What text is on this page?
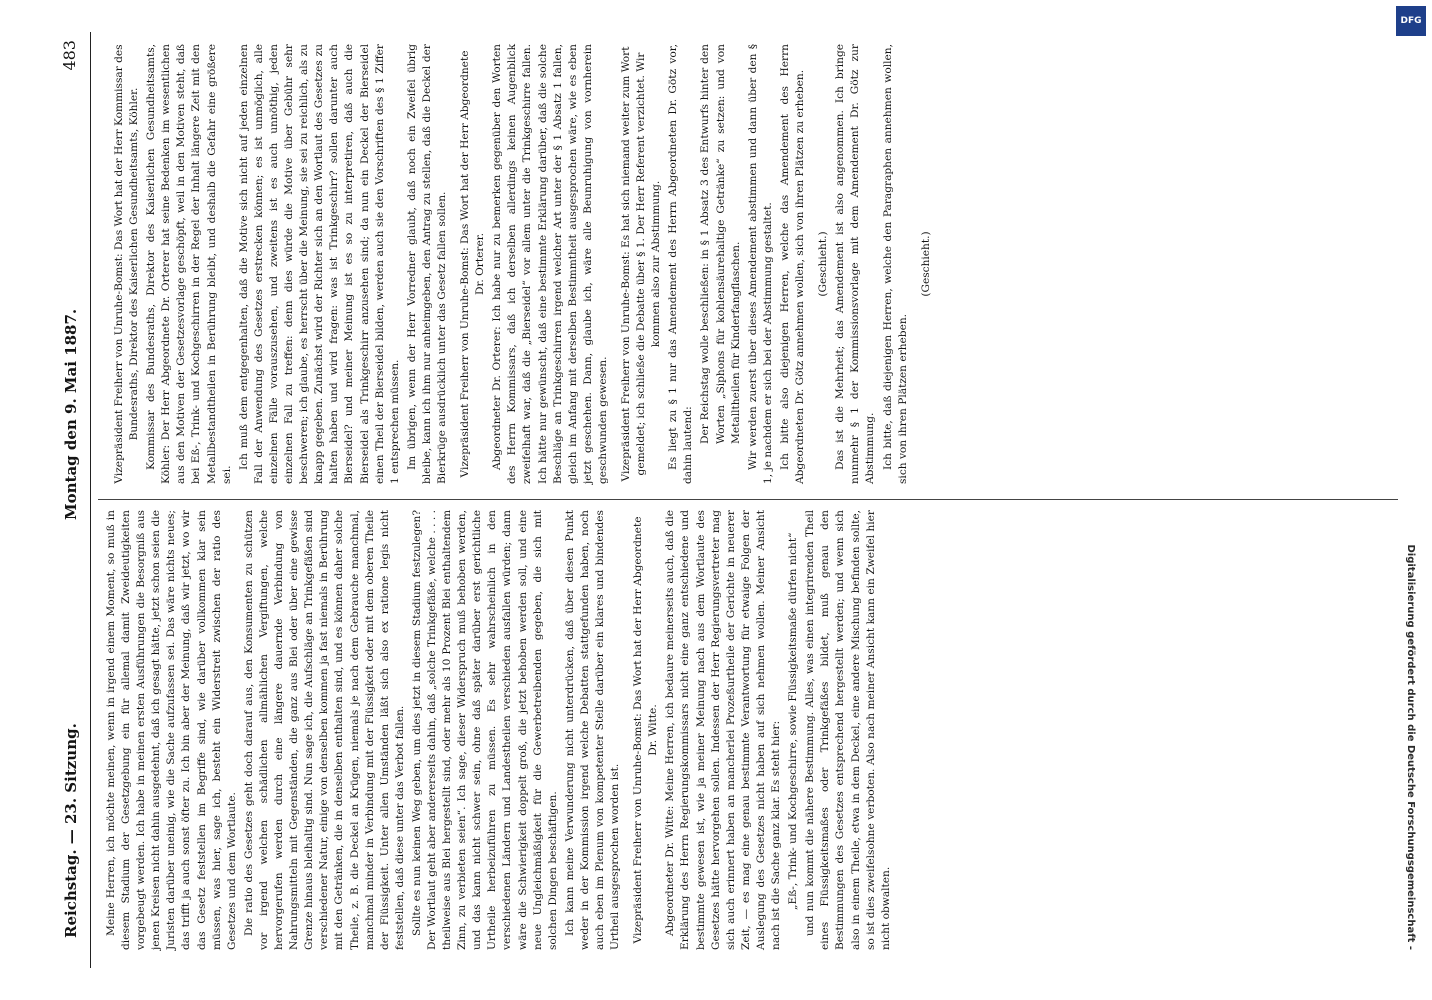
Reichstag. — 23. Sitzung.
Montag den 9. Mai 1887.
483

Meine Herren, ich möchte meinen, wenn in irgend einem Moment, so muß in diesem Stadium der Gesetzgebung ein für allemal damit Zweideutigkeiten vorgebeugt werden. Ich habe in meinen ersten Ausführungen die Besorgniß aus jenen Kreisen nicht dahin ausgedehnt, daß ich gesagt hätte, jetzt schon seien die Juristen darüber uneinig, wie die Sache aufzufassen sei. Das wäre nichts neues; das trifft ja auch sonst öfter zu. Ich bin aber der Meinung, daß wir jetzt, wo wir das Gesetz feststellen im Begriffe sind, wie darüber vollkommen klar sein müssen, was hier, sage ich, besteht ein Widerstreit zwischen der ratio des Gesetzes und dem Wortlaute. Die ratio des Gesetzes geht doch darauf aus, den Konsumenten zu schützen vor irgend welchen schädlichen allmählichen Vergiftungen, welche hervorgerufen werden durch eine längere dauernde Verbindung von Nahrungsmitteln mit Gegenständen, die ganz aus Blei oder über eine gewisse Grenze hinaus bleihaltig sind. Nun sage ich, die Aufschläge an Trinkgefäßen sind verschiedener Natur, einige von denselben kommen ja fast niemals in Berührung mit den Getränken, die in denselben enthalten sind, und es können daher solche Theile, z. B. die Deckel an Krügen, niemals je nach dem Gebrauche manchmal, manchmal minder in Verbindung mit der Flüssigkeit oder mit dem oberen Theile der Flüssigkeit. Unter allen Umständen läßt sich also ex ratione legis nicht feststellen, daß diese unter das Verbot fallen. Sollte es nun keinen Weg geben, um dies jetzt in diesem Stadium festzulegen? Der Wortlaut geht aber andererseits dahin, daß „solche Trinkgefäße, welche . . . . theilweise aus Blei hergestellt sind, oder mehr als 10 Prozent Blei enthaltendem Zinn, zu verbieten seien“. Ich sage, dieser Widerspruch muß behoben werden, und das kann nicht schwer sein, ohne daß später darüber erst gerichtliche Urtheile herbeizuführen zu müssen. Es sehr wahrscheinlich in den verschiedenen Ländern und Landestheilen verschieden ausfallen würden; dann wäre die Schwierigkeit doppelt groß, die jetzt behoben werden soll, und eine neue Ungleichmäßigkeit für die Gewerbetreibenden gegeben, die sich mit solchen Dingen beschäftigen. Ich kann meine Verwunderung nicht unterdrücken, daß über diesen Punkt weder in der Kommission irgend welche Debatten stattgefunden haben, noch auch eben im Plenum von kompetenter Stelle darüber ein klares und bindendes Urtheil ausgesprochen worden ist. Vizepräsident Freiherr von Unruhe-Bomst: Das Wort hat der Herr Abgeordnete Dr. Witte. Abgeordneter Dr. Witte: Meine Herren, ich bedaure meinerseits auch, daß die Erklärung des Herrn Regierungskommissars nicht eine ganz entschiedene und bestimmte gewesen ist, wie ja meiner Meinung nach aus dem Wortlaute des Gesetzes hätte hervorgehen sollen. Indessen der Herr Regierungsvertreter mag sich auch erinnert haben an mancherlei Prozeßurtheile der Gerichte in neuerer Zeit, — es mag eine genau bestimmte Verantwortung für etwaige Folgen der Auslegung des Gesetzes nicht haben auf sich nehmen wollen. Meiner Ansicht nach ist die Sache ganz klar. Es steht hier: „Eß-, Trink- und Kochgeschirre, sowie Flüssigkeitsmaße dürfen nicht“ und nun kommt die nähere Bestimmung. Alles, was einen integrirenden Theil eines Flüssigkeitsmaßes oder Trinkgefäßes bildet, muß genau den Bestimmungen des Gesetzes entsprechend hergestellt werden; und wenn sich also in einem Theile, etwa in dem Deckel, eine andere Mischung befinden sollte, so ist dies zweifelsohne verboten. Also nach meiner Ansicht kann ein Zweifel hier nicht obwalten.

Vizepräsident Freiherr von Unruhe-Bomst: Das Wort hat der Herr Kommissar des Bundesraths, Direktor des Kaiserlichen Gesundheitsamts, Köhler. Kommissar des Bundesraths, Direktor des Kaiserlichen Gesundheitsamts, Köhler: Der Herr Abgeordnete Dr. Orterer hat seine Bedenken im wesentlichen aus den Motiven der Gesetzesvorlage geschöpft, weil in den Motiven steht, daß bei Eß-, Trink- und Kochgeschirren in der Regel der Inhalt längere Zeit mit den Metallbestandtheilen in Berührung bleibt, und deshalb die Gefahr eine größere sei.

Ich muß dem entgegenhalten, daß die Motive sich nicht auf jeden einzelnen Fall der Anwendung des Gesetzes erstrecken können; es ist unmöglich, alle einzelnen Fälle vorauszusehen, und zweitens ist es auch unnöthig, jeden einzelnen Fall zu treffen: denn dies würde die Motive über Gebühr sehr beschweren; ich glaube, es herrscht über die Meinung, sie sei zu reichlich, als zu knapp gegeben. Zunächst wird der Richter sich an den Wortlaut des Gesetzes zu halten haben und wird fragen: was ist Trinkgeschirr? sollen darunter auch Bierseidel? und meiner Meinung ist es so zu interpretiren, daß auch die Bierseidel als Trinkgeschirr anzusehen sind; da nun ein Deckel der Bierseidel einen Theil der Bierseidel bilden, werden auch sie den Vorschriften des § 1 Ziffer 1 entsprechen müssen. Im übrigen, wenn der Herr Vorredner glaubt, daß noch ein Zweifel übrig bleibe, kann ich ihm nur anheimgeben, den Antrag zu stellen, daß die Deckel der Bierkrüge ausdrücklich unter das Gesetz fallen sollen. Vizepräsident Freiherr von Unruhe-Bomst: Das Wort hat der Herr Abgeordnete Dr. Orterer. Abgeordneter Dr. Orterer: Ich habe nur zu bemerken gegenüber den Worten des Herrn Kommissars, daß ich derselben allerdings keinen Augenblick zweifelhaft war, daß die „Bierseidel“ vor allem unter die Trinkgeschirre fallen. Ich hätte nur gewünscht, daß eine bestimmte Erklärung darüber, daß die solche Beschläge an Trinkgeschirren irgend welcher Art unter der § 1 Absatz 1 fallen, gleich im Anfang mit derselben Bestimmtheit ausgesprochen wäre, wie es eben jetzt geschehen. Dann, glaube ich, wäre alle Beunruhigung von vornherein geschwunden gewesen. Vizepräsident Freiherr von Unruhe-Bomst: Es hat sich niemand weiter zum Wort gemeldet; ich schließe die Debatte über § 1. Der Herr Referent verzichtet. Wir kommen also zur Abstimmung. Es liegt zu § 1 nur das Amendement des Herrn Abgeordneten Dr. Götz vor, dahin lautend:

Der Reichstag wolle beschließen: in § 1 Absatz 3 des Entwurfs hinter den Worten „Siphons für kohlensäurehaltige Getränke“ zu setzen: und von Metalltheilen für Kinderfangflaschen. Wir werden zuerst über dieses Amendement abstimmen und dann über den § 1, je nachdem er sich bei der Abstimmung gestaltet. Ich bitte also diejenigen Herren, welche das Amendement des Herrn Abgeordneten Dr. Götz annehmen wollen, sich von ihren Plätzen zu erheben. (Geschieht.) Das ist die Mehrheit; das Amendement ist also angenommen. Ich bringe nunmehr § 1 der Kommissionsvorlage mit dem Amendement Dr. Götz zur Abstimmung. Ich bitte, daß diejenigen Herren, welche den Paragraphen annehmen wollen, sich von ihren Plätzen erheben.

(Geschieht.)

Digitalisierung gefördert durch die Deutsche Forschungsgemeinschaft -
DFG
